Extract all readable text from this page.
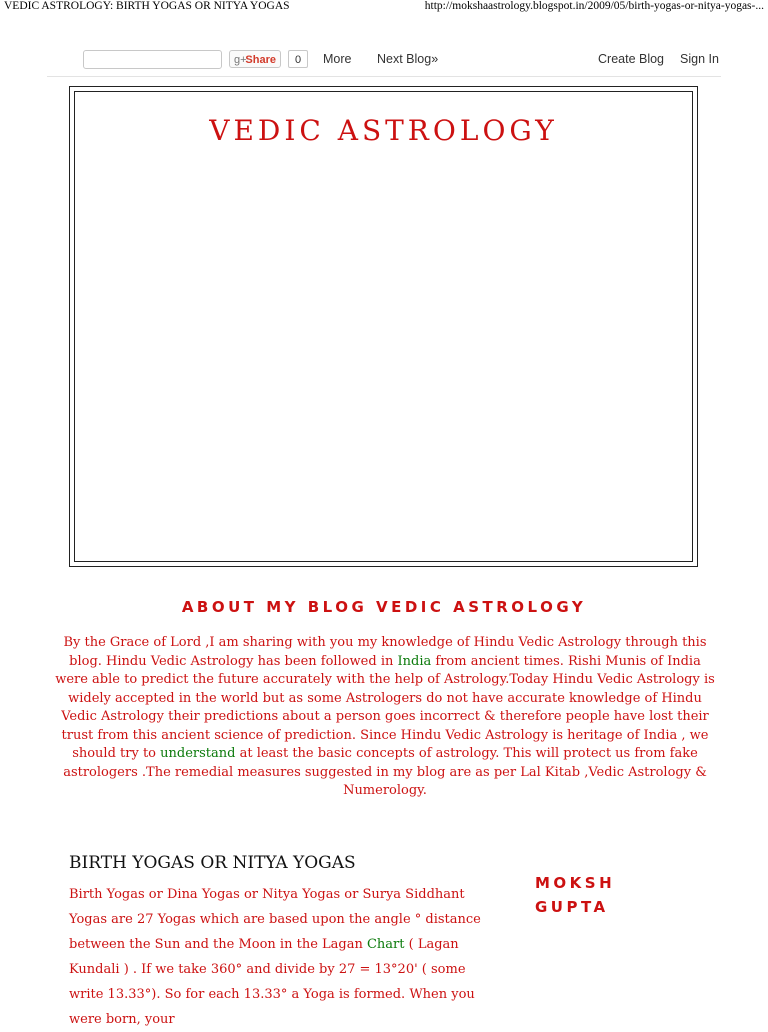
VEDIC ASTROLOGY: BIRTH YOGAS OR NITYA YOGAS	http://mokshaastrology.blogspot.in/2009/05/birth-yogas-or-nitya-yogas-...
g+
Share	0	More Next Blog»	Create Blog Sign In
VEDIC ASTROLOGY
ABOUT MY BLOG VEDIC ASTROLOGY
By the Grace of Lord ,I am sharing with you my knowledge of Hindu Vedic Astrology through this blog. Hindu Vedic Astrology has been followed in India from ancient times. Rishi Munis of India were able to predict the future accurately with the help of Astrology.Today Hindu Vedic Astrology is widely accepted in the world but as some Astrologers do not have accurate knowledge of Hindu Vedic Astrology their predictions about a person goes incorrect & therefore people have lost their trust from this ancient science of prediction. Since Hindu Vedic Astrology is heritage of India , we should try to understand at least the basic concepts of astrology. This will protect us from fake astrologers .The remedial measures suggested in my blog are as per Lal Kitab ,Vedic Astrology & Numerology.
BIRTH YOGAS OR NITYA YOGAS
Birth Yogas or Dina Yogas or Nitya Yogas or Surya Siddhant Yogas are 27 Yogas which are based upon the angle ° distance between the Sun and the Moon in the Lagan Chart ( Lagan Kundali ) . If we take 360° and divide by 27 = 13°20' ( some write 13.33°). So for each 13.33° a Yoga is formed. When you were born, your
MOKSH GUPTA
